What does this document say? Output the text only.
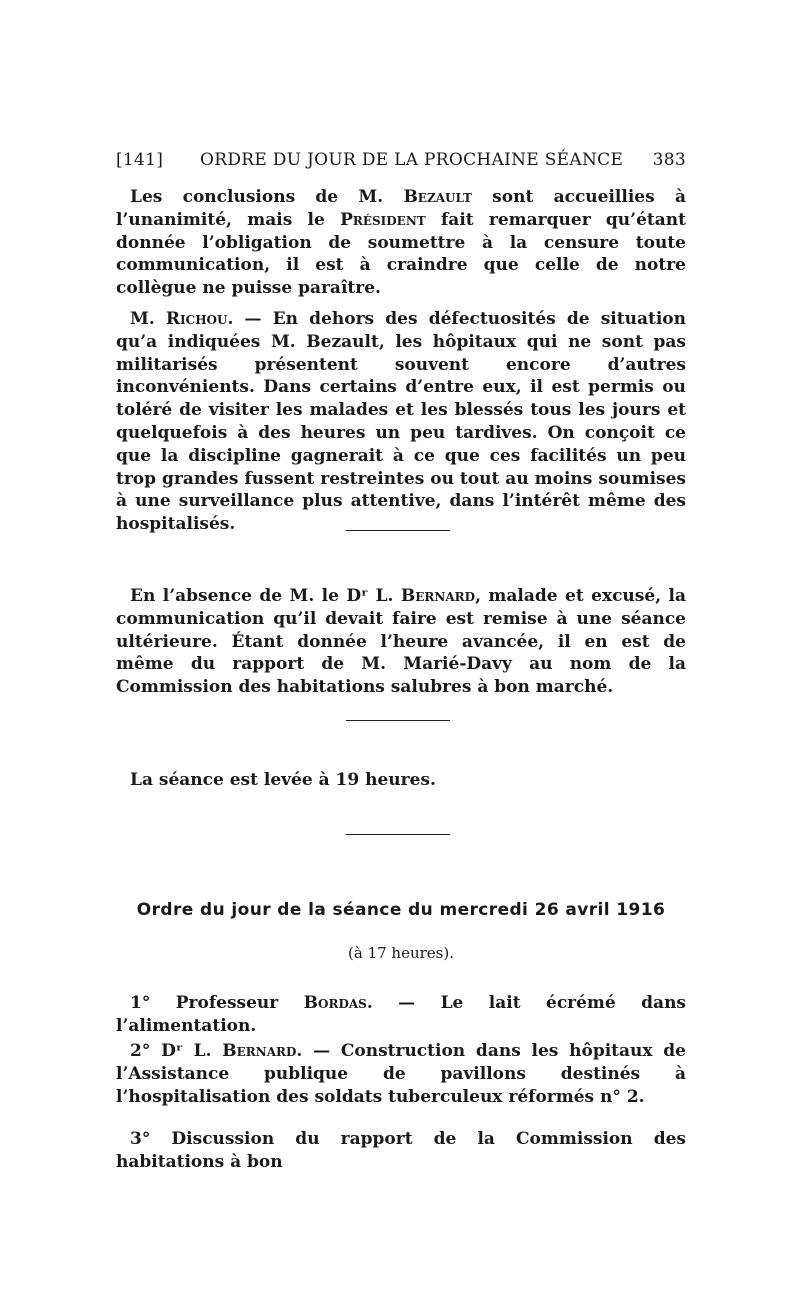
[141] ORDRE DU JOUR DE LA PROCHAINE SÉANCE 383
Les conclusions de M. Bezault sont accueillies à l’unanimité, mais le Président fait remarquer qu’étant donnée l’obligation de soumettre à la censure toute communication, il est à craindre que celle de notre collègue ne puisse paraître.
M. Richou. — En dehors des défectuosités de situation qu’a indiquées M. Bezault, les hôpitaux qui ne sont pas militarisés présentent souvent encore d’autres inconvénients. Dans certains d’entre eux, il est permis ou toléré de visiter les malades et les blessés tous les jours et quelquefois à des heures un peu tardives. On conçoit ce que la discipline gagnerait à ce que ces facilités un peu trop grandes fussent restreintes ou tout au moins soumises à une surveillance plus attentive, dans l’intérêt même des hospitalisés.
En l’absence de M. le Dʳ L. Bernard, malade et excusé, la communication qu’il devait faire est remise à une séance ultérieure. Étant donnée l’heure avancée, il en est de même du rapport de M. Marié-Davy au nom de la Commission des habitations salubres à bon marché.
La séance est levée à 19 heures.
Ordre du jour de la séance du mercredi 26 avril 1916
(à 17 heures).
1° Professeur Bordas. — Le lait écrémé dans l’alimentation.
2° Dʳ L. Bernard. — Construction dans les hôpitaux de l’Assistance publique de pavillons destinés à l’hospitalisation des soldats tuberculeux réformés n° 2.
3° Discussion du rapport de la Commission des habitations à bon
